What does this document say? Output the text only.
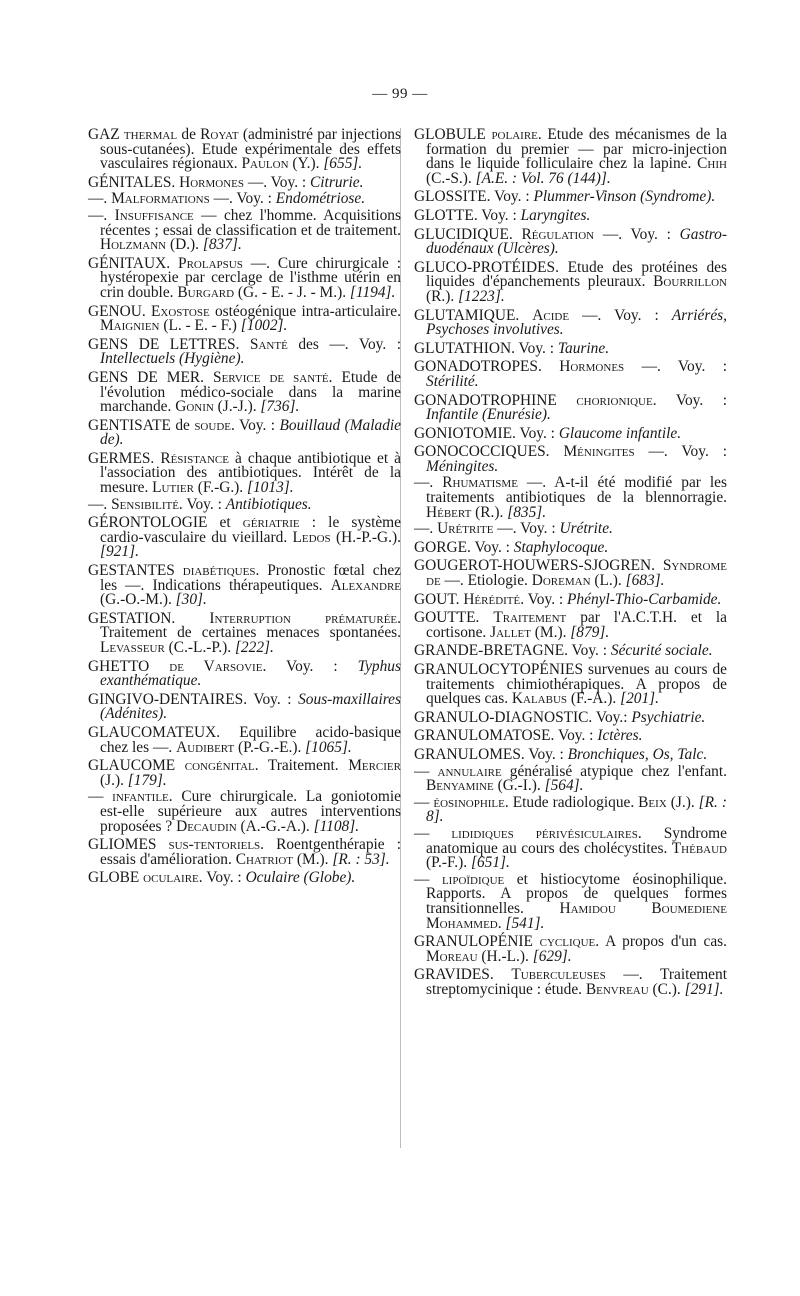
— 99 —

GAZ thermal de Royat (administré par injections sous-cutanées). Etude expérimentale des effets vasculaires régionaux. Paulon (Y.). [655].

GÉNITALES. Hormones —. Voy. : Citrurie.

—. Malformations —. Voy. : Endométriose.

—. Insuffisance — chez l'homme. Acquisitions récentes ; essai de classification et de traitement. Holzmann (D.). [837].

GÉNITAUX. Prolapsus —. Cure chirurgicale : hystéropexie par cerclage de l'isthme utérin en crin double. Burgard (G. - E. - J. - M.). [1194].

GENOU. Exostose ostéogénique intra-articulaire. Maignien (L. - E. - F.) [1002].

GENS DE LETTRES. Santé des —. Voy. : Intellectuels (Hygiène).

GENS DE MER. Service de santé. Etude de l'évolution médico-sociale dans la marine marchande. Gonin (J.-J.). [736].

GENTISATE de soude. Voy. : Bouillaud (Maladie de).

GERMES. Résistance à chaque antibiotique et à l'association des antibiotiques. Intérêt de la mesure. Lutier (F.-G.). [1013].

—. Sensibilité. Voy. : Antibiotiques.

GÉRONTOLOGIE et gériatrie : le système cardio-vasculaire du vieillard. Ledos (H.-P.-G.). [921].

GESTANTES diabétiques. Pronostic fœtal chez les —. Indications thérapeutiques. Alexandre (G.-O.-M.). [30].

GESTATION. Interruption prématurée. Traitement de certaines menaces spontanées. Levasseur (C.-L.-P.). [222].

GHETTO de Varsovie. Voy. : Typhus exanthématique.

GINGIVO-DENTAIRES. Voy. : Sous-maxillaires (Adénites).

GLAUCOMATEUX. Equilibre acido-basique chez les —. Audibert (P.-G.-E.). [1065].

GLAUCOME congénital. Traitement. Mercier (J.). [179].

— infantile. Cure chirurgicale. La goniotomie est-elle supérieure aux autres interventions proposées ? Decaudin (A.-G.-A.). [1108].

GLIOMES sus-tentoriels. Roentgenthérapie : essais d'amélioration. Chatriot (M.). [R. : 53].

GLOBE oculaire. Voy. : Oculaire (Globe).

GLOBULE polaire. Etude des mécanismes de la formation du premier — par micro-injection dans le liquide folliculaire chez la lapine. Chih (C.-S.). [A.E. : Vol. 76 (144)].

GLOSSITE. Voy. : Plummer-Vinson (Syndrome).

GLOTTE. Voy. : Laryngites.

GLUCIDIQUE. Régulation —. Voy. : Gastro-duodénaux (Ulcères).

GLUCO-PROTÉIDES. Etude des protéines des liquides d'épanchements pleuraux. Bourrillon (R.). [1223].

GLUTAMIQUE. Acide —. Voy. : Arriérés, Psychoses involutives.

GLUTATHION. Voy. : Taurine.

GONADOTROPES. Hormones —. Voy. : Stérilité.

GONADOTROPHINE chorionique. Voy. : Infantile (Enurésie).

GONIOTOMIE. Voy. : Glaucome infantile.

GONOCOCCIQUES. Méningites —. Voy. : Méningites.

—. Rhumatisme —. A-t-il été modifié par les traitements antibiotiques de la blennorragie. Hébert (R.). [835].

—. Urétrite —. Voy. : Urétrite.

GORGE. Voy. : Staphylocoque.

GOUGEROT-HOUWERS-SJOGREN. Syndrome de —. Etiologie. Doreman (L.). [683].

GOUT. Hérédité. Voy. : Phényl-Thio-Carbamide.

GOUTTE. Traitement par l'A.C.T.H. et la cortisone. Jallet (M.). [879].

GRANDE-BRETAGNE. Voy. : Sécurité sociale.

GRANULOCYTOPÉNIES survenues au cours de traitements chimiothérapiques. A propos de quelques cas. Kalabus (F.-A.). [201].

GRANULO-DIAGNOSTIC. Voy.: Psychiatrie.

GRANULOMATOSE. Voy. : Ictères.

GRANULOMES. Voy. : Bronchiques, Os, Talc.

— annulaire généralisé atypique chez l'enfant. Benyamine (G.-I.). [564].

— éosinophile. Etude radiologique. Beix (J.). [R. : 8].

— lididiques périvésiculaires. Syndrome anatomique au cours des cholécystites. Thébaud (P.-F.). [651].

— lipoïdique et histiocytome éosinophilique. Rapports. A propos de quelques formes transitionnelles. Hamidou Boumediene Mohammed. [541].

GRANULOPÉNIE cyclique. A propos d'un cas. Moreau (H.-L.). [629].

GRAVIDES. Tuberculeuses —. Traitement streptomycinique : étude. Benvreau (C.). [291].
